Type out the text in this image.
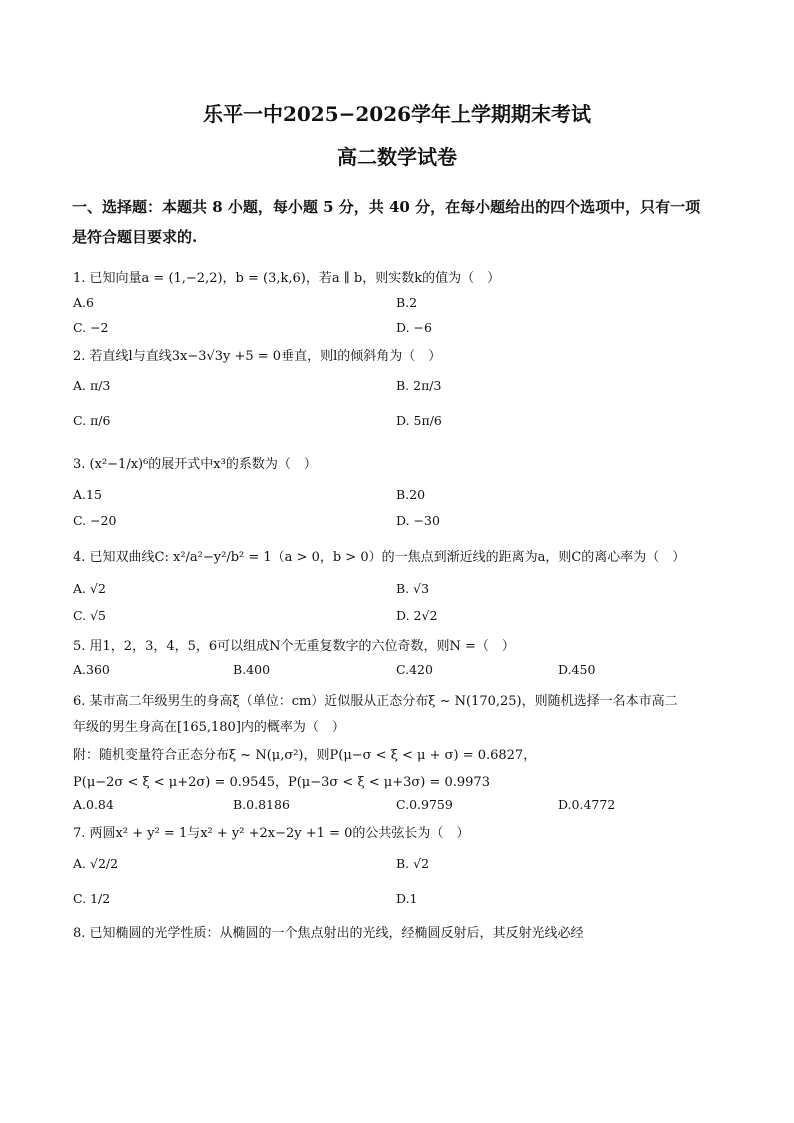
乐平一中2025−2026学年上学期期末考试
高二数学试卷
一、选择题：本题共 8 小题，每小题 5 分，共 40 分，在每小题给出的四个选项中，只有一项
是符合题目要求的.
1. 已知向量a = (1,−2,2)，b = (3,k,6)，若a ∥ b，则实数k的值为（　）
A.6	B.2
C. −2	D. −6
2. 若直线l与直线3x−3√3y +5 = 0垂直，则l的倾斜角为（　）
A. π/3	B. 2π/3
C. π/6	D. 5π/6
3. (x²−1/x)⁶的展开式中x³的系数为（　）
A.15	B.20
C. −20	D. −30
4. 已知双曲线C: x²/a²−y²/b² = 1（a > 0，b > 0）的一焦点到渐近线的距离为a，则C的离心率为（　）
A. √2	B. √3
C. √5	D. 2√2
5. 用1，2，3，4，5，6可以组成N个无重复数字的六位奇数，则N =（　）
A.360	B.400	C.420	D.450
6. 某市高二年级男生的身高ξ（单位：cm）近似服从正态分布ξ ~ N(170,25)，则随机选择一名本市高二
年级的男生身高在[165,180]内的概率为（　）
附：随机变量符合正态分布ξ ~ N(μ,σ²)，则P(μ−σ < ξ < μ + σ) = 0.6827，
P(μ−2σ < ξ < μ+2σ) = 0.9545，P(μ−3σ < ξ < μ+3σ) = 0.9973
A.0.84	B.0.8186	C.0.9759	D.0.4772
7. 两圆x² + y² = 1与x² + y² +2x−2y +1 = 0的公共弦长为（　）
A. √2/2	B. √2
C. 1/2	D.1
8. 已知椭圆的光学性质：从椭圆的一个焦点射出的光线，经椭圆反射后，其反射光线必经
